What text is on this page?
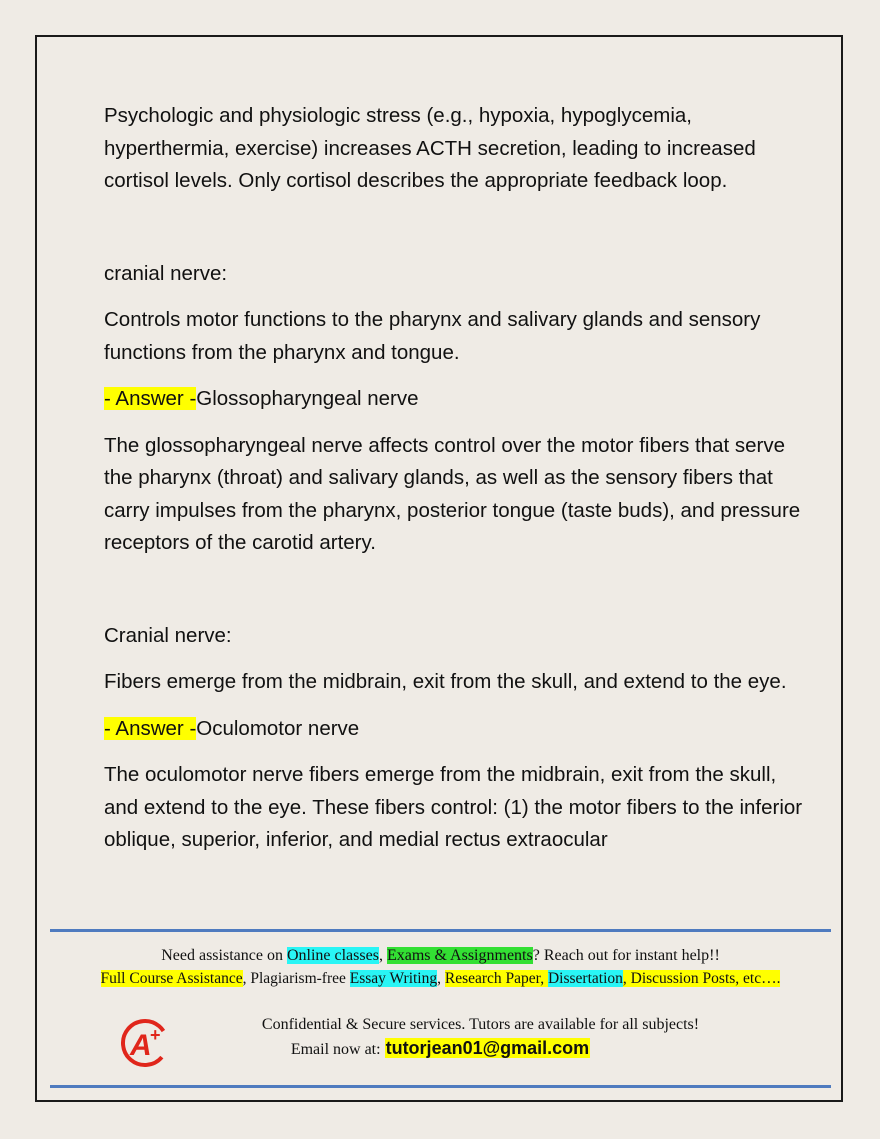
Psychologic and physiologic stress (e.g., hypoxia, hypoglycemia, hyperthermia, exercise) increases ACTH secretion, leading to increased cortisol levels. Only cortisol describes the appropriate feedback loop.

cranial nerve:

Controls motor functions to the pharynx and salivary glands and sensory functions from the pharynx and tongue.

- Answer -Glossopharyngeal nerve

The glossopharyngeal nerve affects control over the motor fibers that serve the pharynx (throat) and salivary glands, as well as the sensory fibers that carry impulses from the pharynx, posterior tongue (taste buds), and pressure receptors of the carotid artery.

Cranial nerve:

Fibers emerge from the midbrain, exit from the skull, and extend to the eye.

- Answer -Oculomotor nerve

The oculomotor nerve fibers emerge from the midbrain, exit from the skull, and extend to the eye. These fibers control: (1) the motor fibers to the inferior oblique, superior, inferior, and medial rectus extraocular

Need assistance on Online classes, Exams & Assignments? Reach out for instant help!!
Full Course Assistance, Plagiarism-free Essay Writing, Research Paper, Dissertation, Discussion Posts, etc….
A
+
Confidential & Secure services. Tutors are available for all subjects!
Email now at: tutorjean01@gmail.com
